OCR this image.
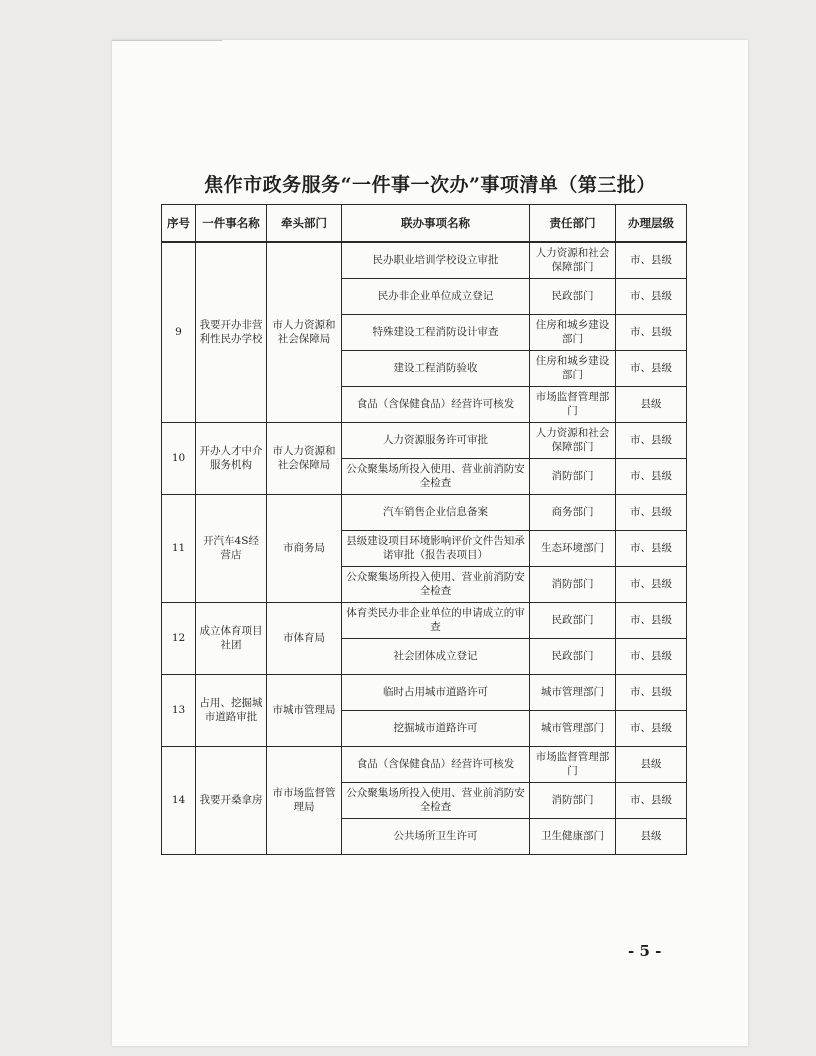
焦作市政务服务“一件事一次办”事项清单（第三批）
序号	一件事名称	牵头部门	联办事项名称	责任部门	办理层级
9	我要开办非营利性民办学校	市人力资源和社会保障局	民办职业培训学校设立审批	人力资源和社会保障部门	市、县级
			民办非企业单位成立登记	民政部门	市、县级
			特殊建设工程消防设计审查	住房和城乡建设部门	市、县级
			建设工程消防验收	住房和城乡建设部门	市、县级
			食品（含保健食品）经营许可核发	市场监督管理部门	县级
10	开办人才中介服务机构	市人力资源和社会保障局	人力资源服务许可审批	人力资源和社会保障部门	市、县级
			公众聚集场所投入使用、营业前消防安全检查	消防部门	市、县级
11	开汽车4S经营店	市商务局	汽车销售企业信息备案	商务部门	市、县级
			县级建设项目环境影响评价文件告知承诺审批（报告表项目）	生态环境部门	市、县级
			公众聚集场所投入使用、营业前消防安全检查	消防部门	市、县级
12	成立体育项目社团	市体育局	体育类民办非企业单位的申请成立的审查	民政部门	市、县级
			社会团体成立登记	民政部门	市、县级
13	占用、挖掘城市道路审批	市城市管理局	临时占用城市道路许可	城市管理部门	市、县级
			挖掘城市道路许可	城市管理部门	市、县级
14	我要开桑拿房	市市场监督管理局	食品（含保健食品）经营许可核发	市场监督管理部门	县级
			公众聚集场所投入使用、营业前消防安全检查	消防部门	市、县级
			公共场所卫生许可	卫生健康部门	县级
- 5 -
